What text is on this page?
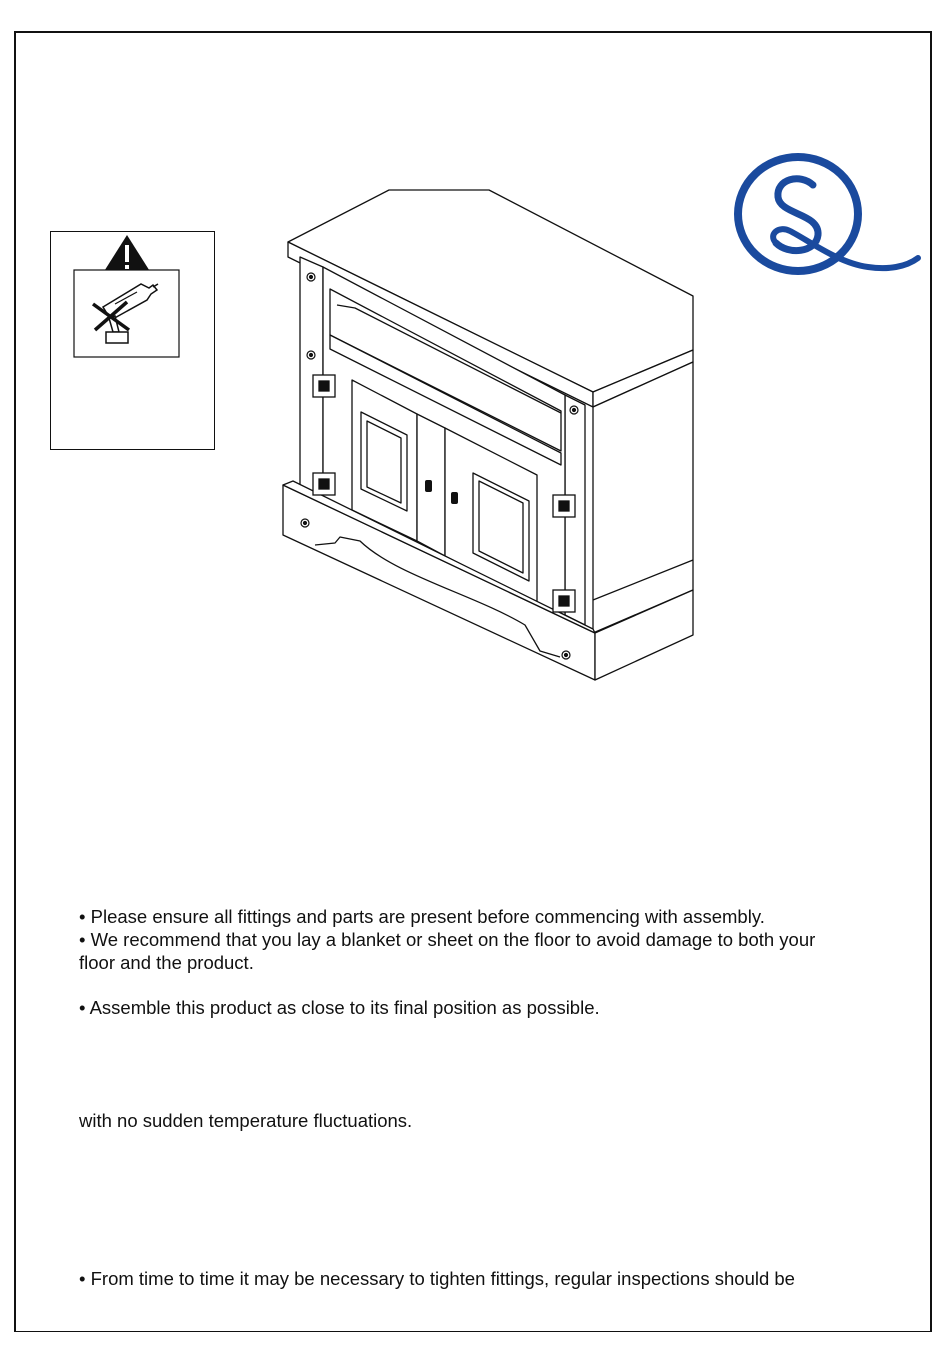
• Please ensure all fittings and parts are present before commencing with assembly.

• We recommend that you lay a blanket or sheet on the floor to avoid damage to both your

floor and the product.

• Assemble this product as close to its final position as possible.

with no sudden temperature fluctuations.

• From time to time it may be necessary to tighten fittings, regular inspections should be
